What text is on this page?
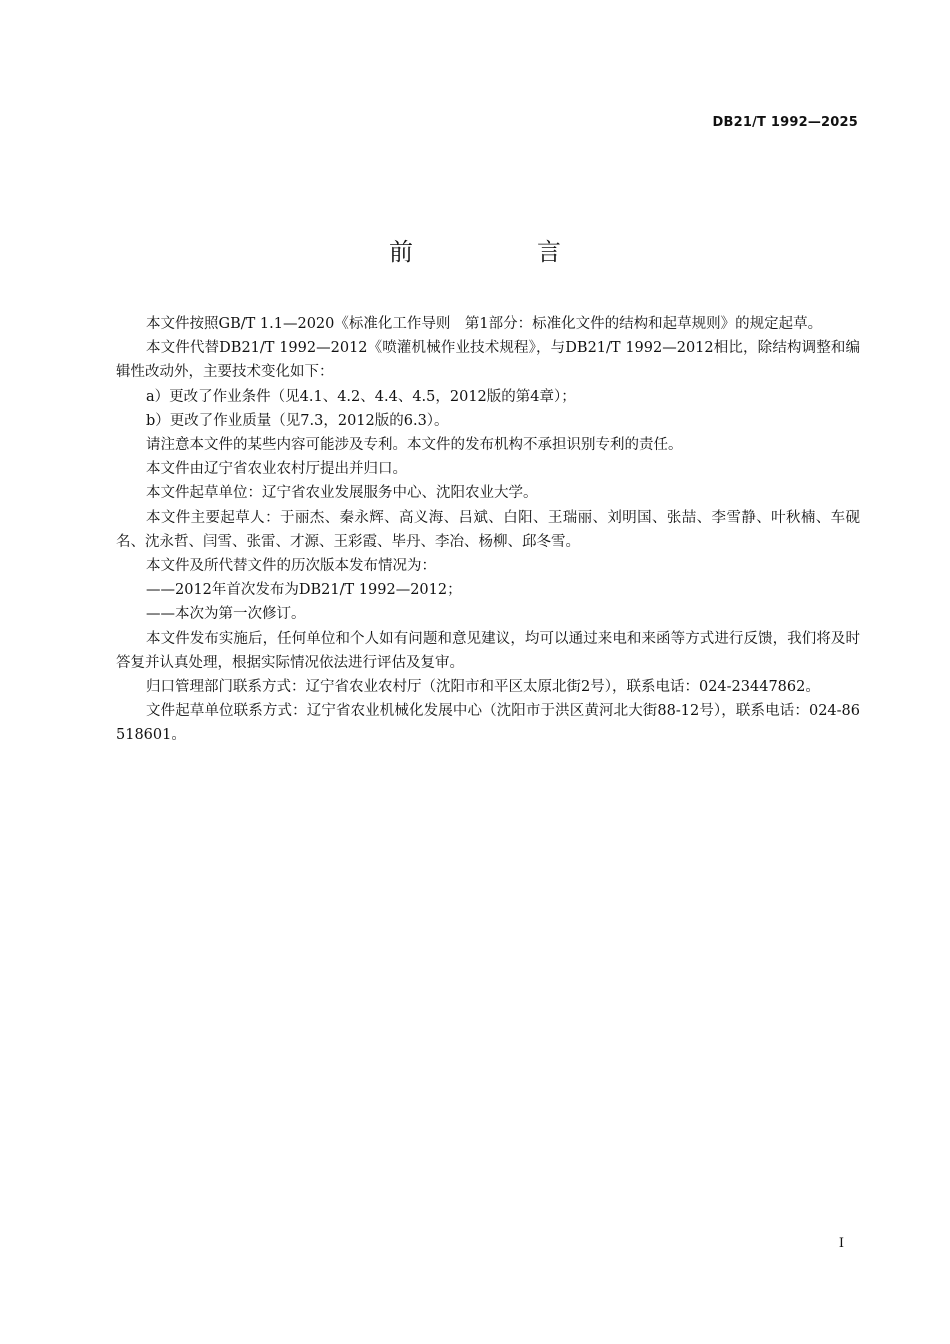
DB21/T 1992—2025
前　言

本文件按照GB/T 1.1—2020《标准化工作导则　第1部分：标准化文件的结构和起草规则》的规定起草。

本文件代替DB21/T 1992—2012《喷灌机械作业技术规程》，与DB21/T 1992—2012相比，除结构调整和编辑性改动外，主要技术变化如下：

a）更改了作业条件（见4.1、4.2、4.4、4.5，2012版的第4章）；

b）更改了作业质量（见7.3，2012版的6.3）。

请注意本文件的某些内容可能涉及专利。本文件的发布机构不承担识别专利的责任。

本文件由辽宁省农业农村厅提出并归口。

本文件起草单位：辽宁省农业发展服务中心、沈阳农业大学。

本文件主要起草人：于丽杰、秦永辉、高义海、吕斌、白阳、王瑞丽、刘明国、张喆、李雪静、叶秋楠、车砚名、沈永哲、闫雪、张雷、才源、王彩霞、毕丹、李冶、杨柳、邱冬雪。

本文件及所代替文件的历次版本发布情况为：

——2012年首次发布为DB21/T 1992—2012；

——本次为第一次修订。

本文件发布实施后，任何单位和个人如有问题和意见建议，均可以通过来电和来函等方式进行反馈，我们将及时答复并认真处理，根据实际情况依法进行评估及复审。

归口管理部门联系方式：辽宁省农业农村厅（沈阳市和平区太原北街2号），联系电话：024-23447862。

文件起草单位联系方式：辽宁省农业机械化发展中心（沈阳市于洪区黄河北大街88-12号），联系电话：024-86518601。

I
